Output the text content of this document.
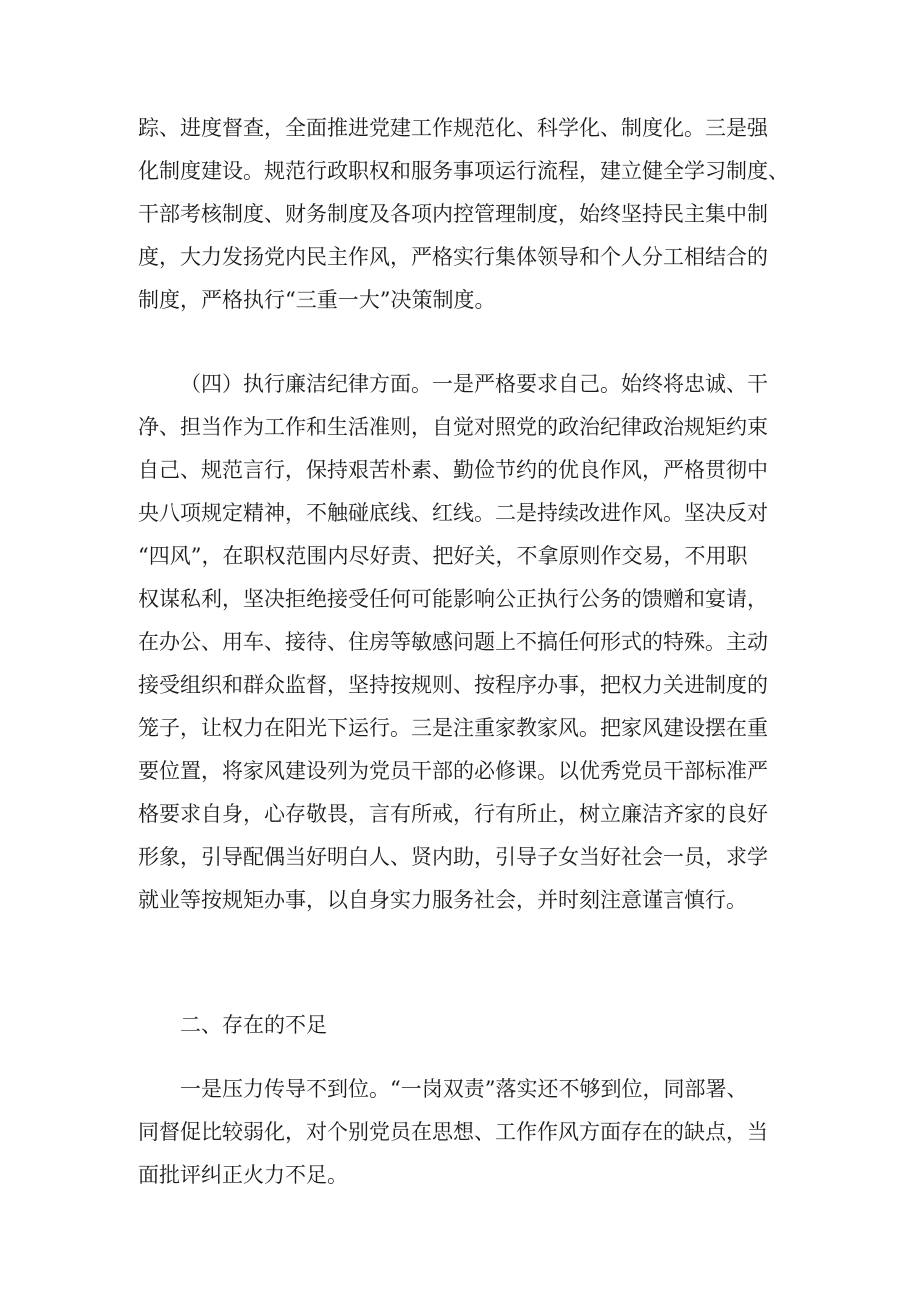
踪、进度督查，全面推进党建工作规范化、科学化、制度化。三是强
化制度建设。规范行政职权和服务事项运行流程，建立健全学习制度、
干部考核制度、财务制度及各项内控管理制度，始终坚持民主集中制
度，大力发扬党内民主作风，严格实行集体领导和个人分工相结合的
制度，严格执行“三重一大”决策制度。
（四）执行廉洁纪律方面。一是严格要求自己。始终将忠诚、干
净、担当作为工作和生活准则，自觉对照党的政治纪律政治规矩约束
自己、规范言行，保持艰苦朴素、勤俭节约的优良作风，严格贯彻中
央八项规定精神，不触碰底线、红线。二是持续改进作风。坚决反对
“四风”，在职权范围内尽好责、把好关，不拿原则作交易，不用职
权谋私利，坚决拒绝接受任何可能影响公正执行公务的馈赠和宴请，
在办公、用车、接待、住房等敏感问题上不搞任何形式的特殊。主动
接受组织和群众监督，坚持按规则、按程序办事，把权力关进制度的
笼子，让权力在阳光下运行。三是注重家教家风。把家风建设摆在重
要位置，将家风建设列为党员干部的必修课。以优秀党员干部标准严
格要求自身，心存敬畏，言有所戒，行有所止，树立廉洁齐家的良好
形象，引导配偶当好明白人、贤内助，引导子女当好社会一员，求学
就业等按规矩办事，以自身实力服务社会，并时刻注意谨言慎行。
二、存在的不足
一是压力传导不到位。“一岗双责”落实还不够到位，同部署、
同督促比较弱化，对个别党员在思想、工作作风方面存在的缺点，当
面批评纠正火力不足。
